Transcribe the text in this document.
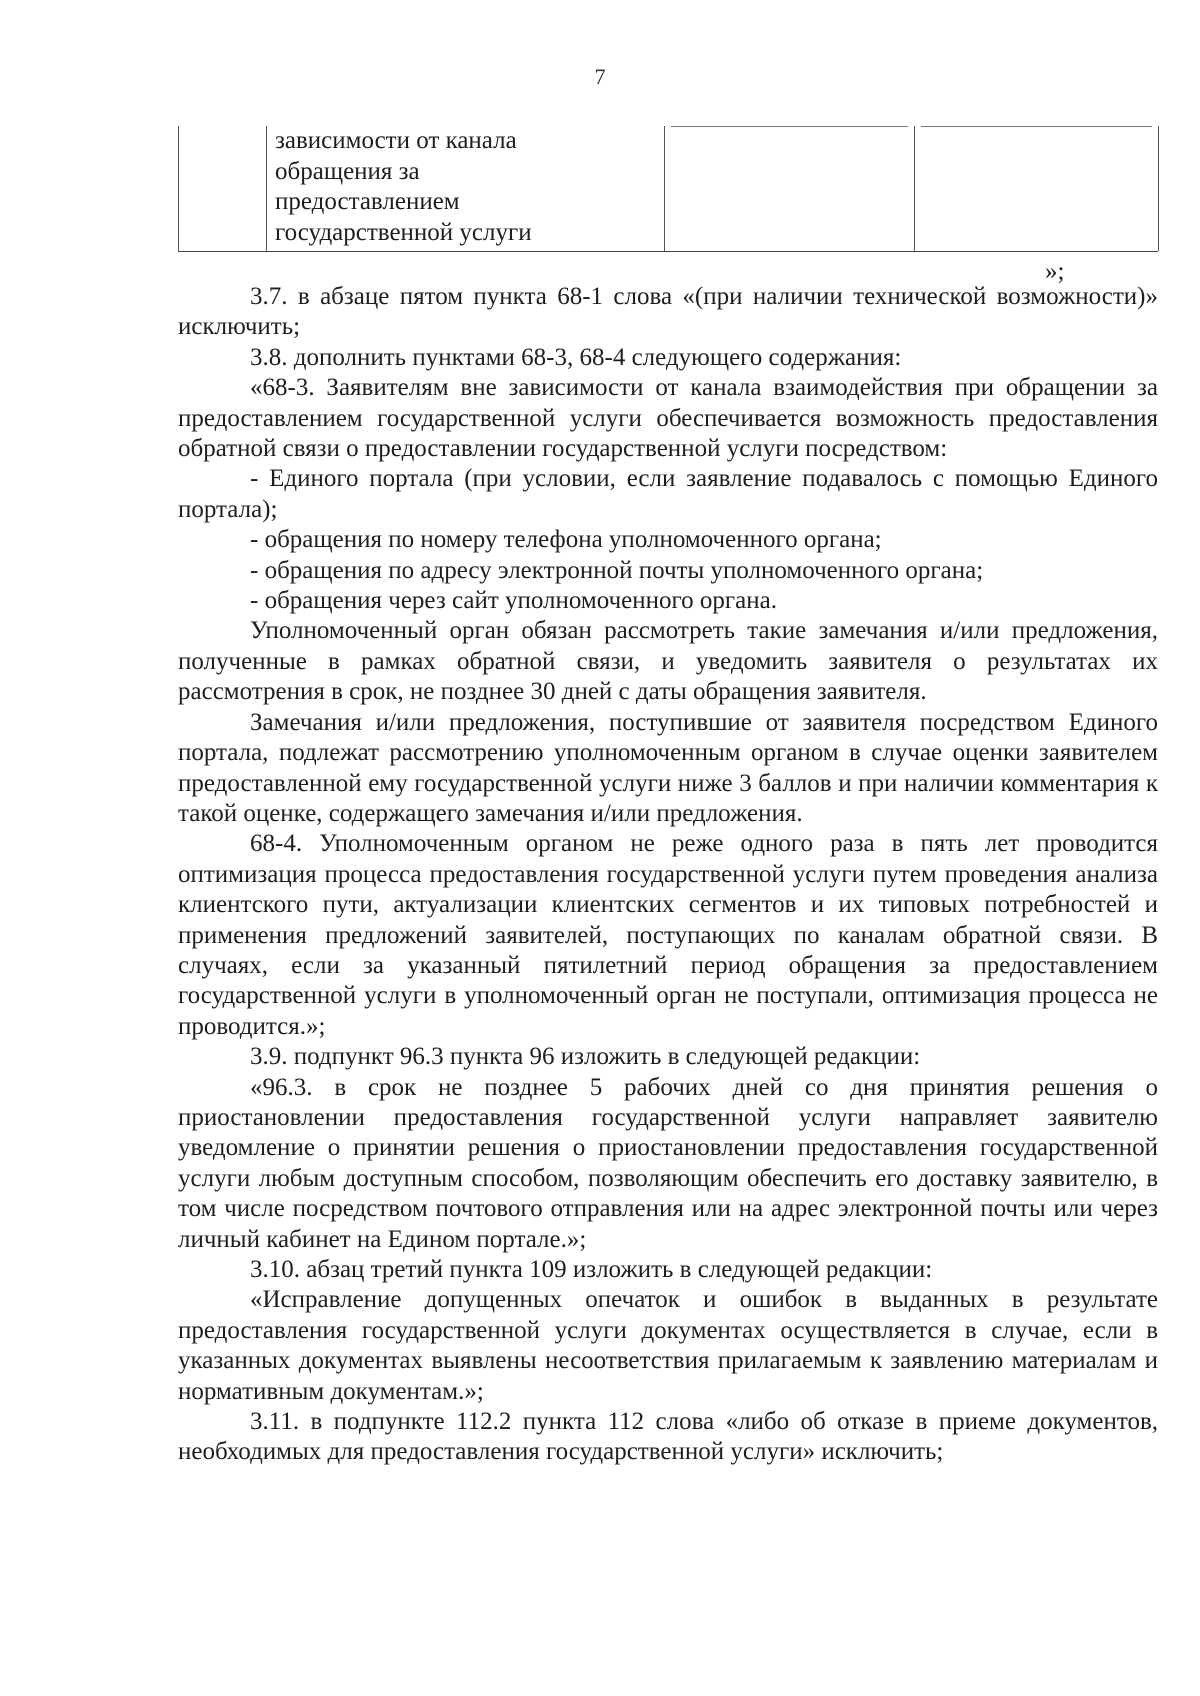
7
зависимости от канала
обращения за
предоставлением
государственной услуги
»;

3.7. в абзаце пятом пункта 68-1 слова «(при наличии технической возможности)» исключить;

3.8. дополнить пунктами 68-3, 68-4 следующего содержания:

«68-3. Заявителям вне зависимости от канала взаимодействия при обращении за предоставлением государственной услуги обеспечивается возможность предоставления обратной связи о предоставлении государственной услуги посредством:

- Единого портала (при условии, если заявление подавалось с помощью Единого портала);

- обращения по номеру телефона уполномоченного органа;

- обращения по адресу электронной почты уполномоченного органа;

- обращения через сайт уполномоченного органа.

Уполномоченный орган обязан рассмотреть такие замечания и/или предложения, полученные в рамках обратной связи, и уведомить заявителя о результатах их рассмотрения в срок, не позднее 30 дней с даты обращения заявителя.

Замечания и/или предложения, поступившие от заявителя посредством Единого портала, подлежат рассмотрению уполномоченным органом в случае оценки заявителем предоставленной ему государственной услуги ниже 3 баллов и при наличии комментария к такой оценке, содержащего замечания и/или предложения.

68-4. Уполномоченным органом не реже одного раза в пять лет проводится оптимизация процесса предоставления государственной услуги путем проведения анализа клиентского пути, актуализации клиентских сегментов и их типовых потребностей и применения предложений заявителей, поступающих по каналам обратной связи. В случаях, если за указанный пятилетний период обращения за предоставлением государственной услуги в уполномоченный орган не поступали, оптимизация процесса не проводится.»;

3.9. подпункт 96.3 пункта 96 изложить в следующей редакции:

«96.3. в срок не позднее 5 рабочих дней со дня принятия решения о приостановлении предоставления государственной услуги направляет заявителю уведомление о принятии решения о приостановлении предоставления государственной услуги любым доступным способом, позволяющим обеспечить его доставку заявителю, в том числе посредством почтового отправления или на адрес электронной почты или через личный кабинет на Едином портале.»;

3.10. абзац третий пункта 109 изложить в следующей редакции:

«Исправление допущенных опечаток и ошибок в выданных в результате предоставления государственной услуги документах осуществляется в случае, если в указанных документах выявлены несоответствия прилагаемым к заявлению материалам и нормативным документам.»;

3.11. в подпункте 112.2 пункта 112 слова «либо об отказе в приеме документов, необходимых для предоставления государственной услуги» исключить;
